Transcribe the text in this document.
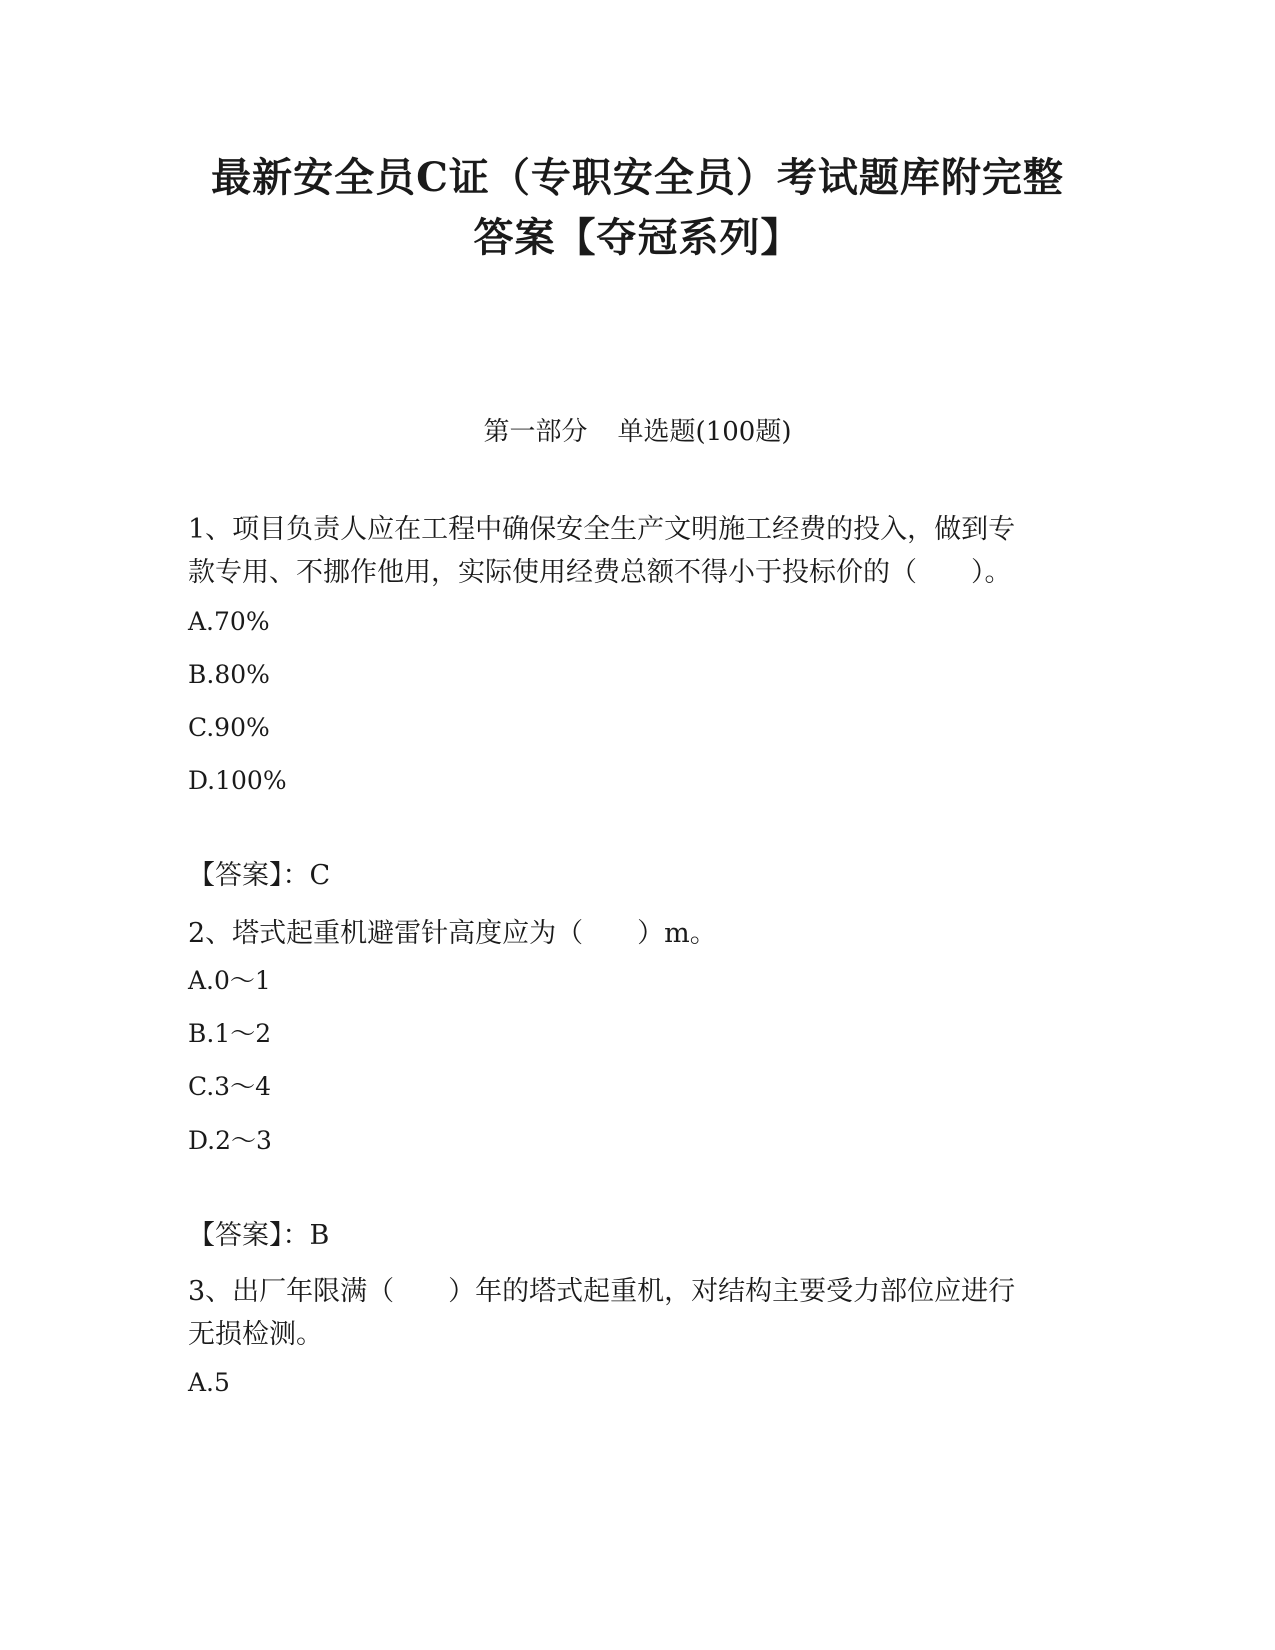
最新安全员C证（专职安全员）考试题库附完整
答案【夺冠系列】
第一部分 单选题(100题)
1、项目负责人应在工程中确保安全生产文明施工经费的投入，做到专
款专用、不挪作他用，实际使用经费总额不得小于投标价的（　　）。
A.70%
B.80%
C.90%
D.100%
【答案】：C
2、塔式起重机避雷针高度应为（　　）m。
A.0～1
B.1～2
C.3～4
D.2～3
【答案】：B
3、出厂年限满（　　）年的塔式起重机，对结构主要受力部位应进行
无损检测。
A.5
